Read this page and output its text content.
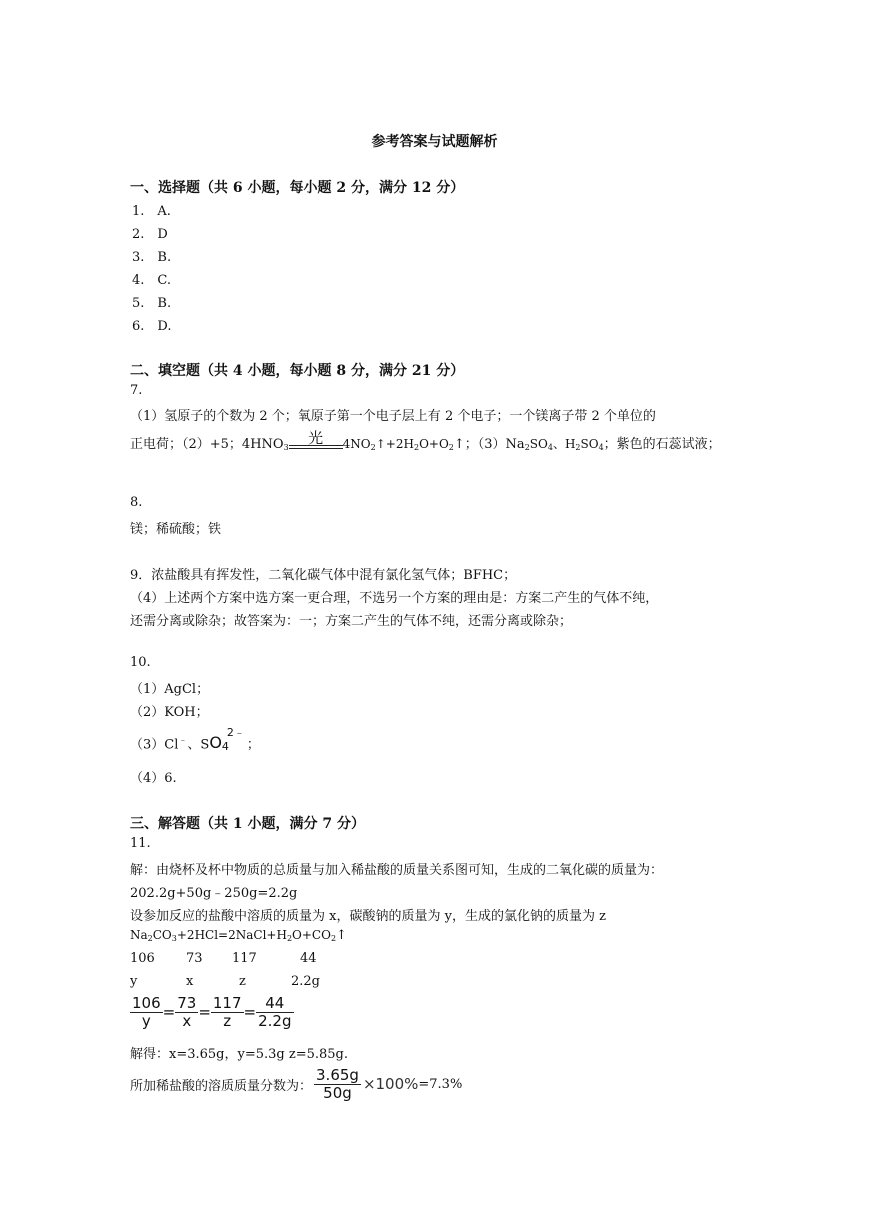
参考答案与试题解析
一、选择题（共 6 小题，每小题 2 分，满分 12 分）
1.　A.
2.　D
3.　B.
4.　C.
5.　B.
6.　D.
二、填空题（共 4 小题，每小题 8 分，满分 21 分）
7.
（1）氢原子的个数为 2 个；氧原子第一个电子层上有 2 个电子；一个镁离子带 2 个单位的
正电荷；（2）+5；$4HNO_3$
光	$4NO_2↑+2H_2O+O_2↑$；$(3)Na_2SO_4$、$H_2SO_4$；紫色的石蕊试液；
8.
镁；稀硫酸；铁
9．浓盐酸具有挥发性，二氧化碳气体中混有氯化氢气体；BFHC；
（4）上述两个方案中选方案一更合理，不选另一个方案的理由是：方案二产生的气体不纯，
还需分离或除杂；故答案为：一；方案二产生的气体不纯，还需分离或除杂；
10.
（1）AgCl；
（2）KOH；
（3）Cl﹣、$SO_4^{2﹣}$；
（4）6.
三、解答题（共 1 小题，满分 7 分）
11.
解：由烧杯及杯中物质的总质量与加入稀盐酸的质量关系图可知，生成的二氧化碳的质量为：
202.2g+50g﹣250g=2.2g
设参加反应的盐酸中溶质的质量为 x，碳酸钠的质量为 y，生成的氯化钠的质量为 z
$Na_2CO_3+2HCl=2NaCl+H_2O+CO_2↑$
106 73 117	44
y	x	z	2.2g
$\frac{106}{y} = \frac{73}{x} = \frac{117}{z} = \frac{44}{2.2g}$
解得：x=3.65g，y=5.3g z=5.85g.
所加稀盐酸的溶质质量分数为： $\frac{3.65g}{50g} \times 100\% =7.3\%$
